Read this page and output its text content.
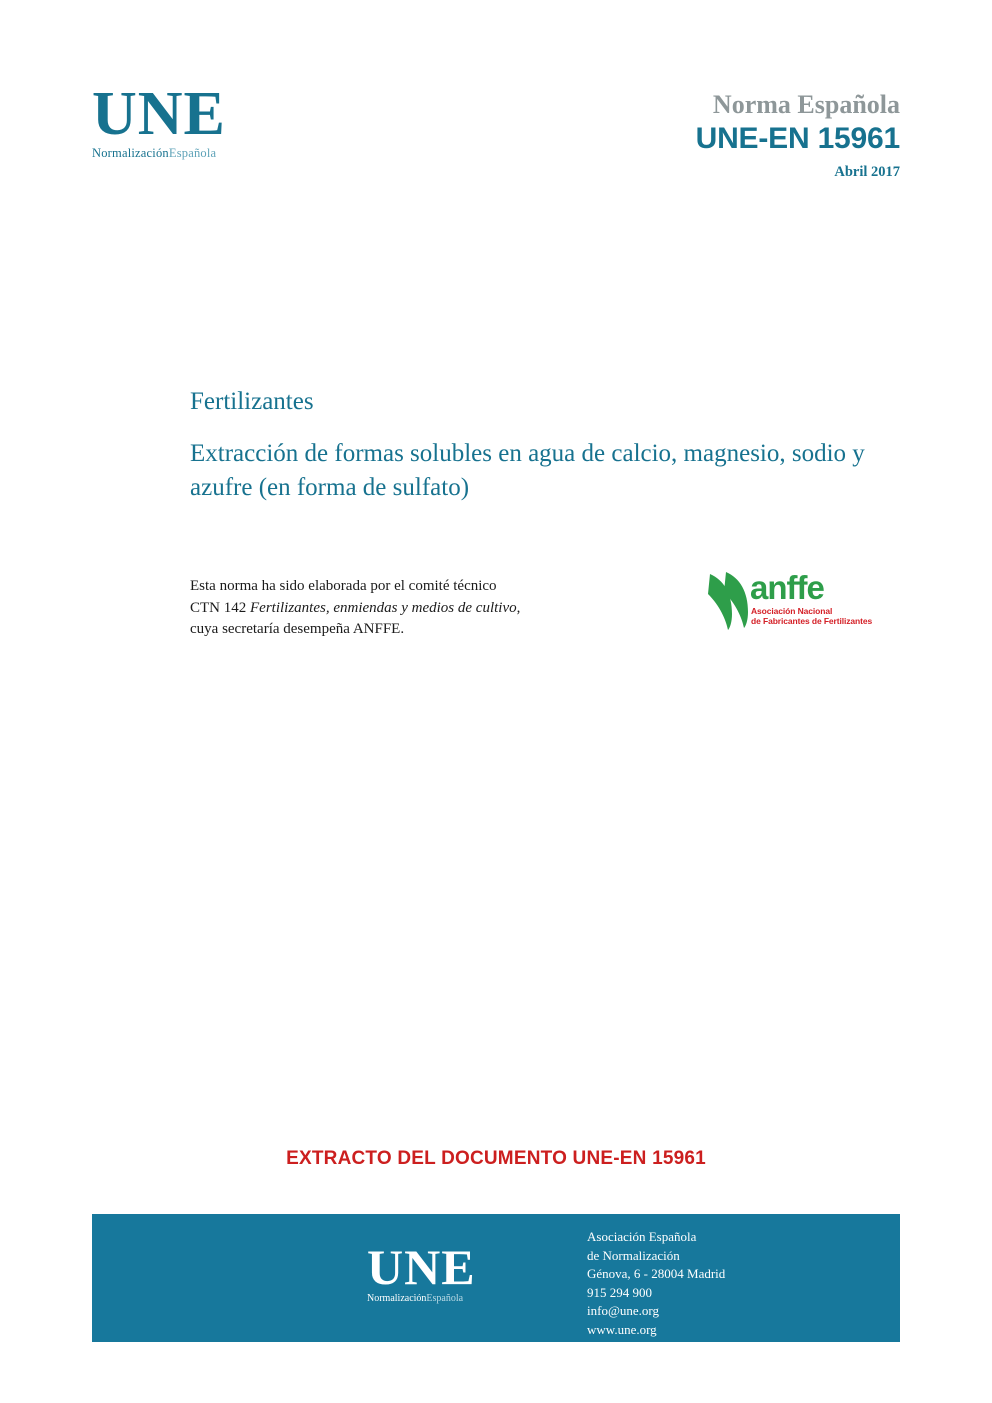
UNE
NormalizaciónEspañola
Norma Española
UNE-EN 15961
Abril 2017
Fertilizantes
Extracción de formas solubles en agua de calcio, magnesio, sodio y azufre (en forma de sulfato)
Esta norma ha sido elaborada por el comité técnico
CTN 142 Fertilizantes, enmiendas y medios de cultivo,
cuya secretaría desempeña ANFFE.
anffe
Asociación Nacional
de Fabricantes de Fertilizantes
EXTRACTO DEL DOCUMENTO UNE-EN 15961
UNE
NormalizaciónEspañola
Asociación Española
de Normalización
Génova, 6 - 28004 Madrid
915 294 900
info@une.org
www.une.org
